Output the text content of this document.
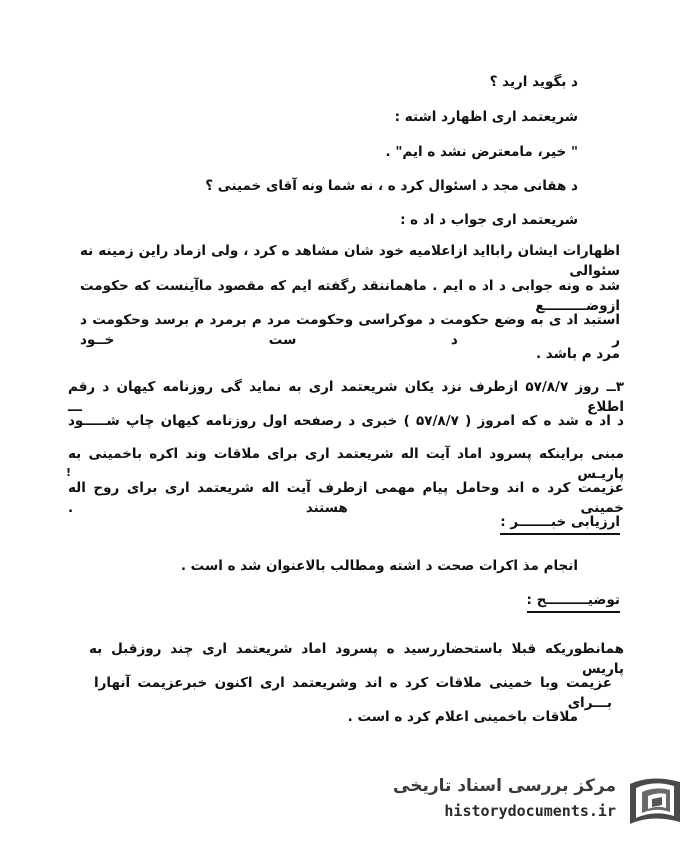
د بگوید ارید ؟
شریعتمد اری اظهارد اشته :
" خیر، مامعترض نشد ه ایم" .
د هقانی مجد د اسئوال کرد ه ، نه شما ونه آقای خمینی ؟
شریعتمد اری جواب د اد ه :
اظهارات ایشان رابااید ازاعلامیه خود شان مشاهد ه کرد ، ولی ازماد راین زمینه نه سئوالی
شد ه ونه جوابی د اد ه ایم . ماهماننقد رگفته ایم که مقصود ماآینست که حکومت ازوضـــــــــع
استبد اد ی به وضع حکومت د موکراسی وحکومت مرد م برمرد م برسد وحکومت د ر د ست خــود
مرد م باشد .
۳ــ روز ۵۷/۸/۷ ازطرف نزد یکان شریعتمد اری به نماید گی روزنامه کیهان د رقم اطلاع ـــ
د اد ه شد ه که امروز ( ۵۷/۸/۷ ) خبری د رصفحه اول روزنامه کیهان چاپ شـــــود
مبنی براینکه پسرود اماد آیت اله شریعتمد اری برای ملاقات وند اکره باخمینی به پاریـس
عزیمت کرد ه اند وحامل پیام مهمی ازطرف آیت اله شریعتمد اری برای روح اله خمینی هستند .
!
ارزیابی خبـــــــر :
انجام مذ اکرات صحت د اشته ومطالب بالاعنوان شد ه است .
توضیـــــــــح :
همانطوریکه قبلا باستحضاررسید ه پسرود اماد شریعتمد اری چند روزقبل به پاریس
عزیمت وبا خمینی ملاقات کرد ه اند وشریعتمد اری اکنون خبرعزیمت آنهارا بـــرای
ملاقات باخمینی اعلام کرد ه است .
مرکز بررسی اسناد تاریخی
historydocuments.ir
